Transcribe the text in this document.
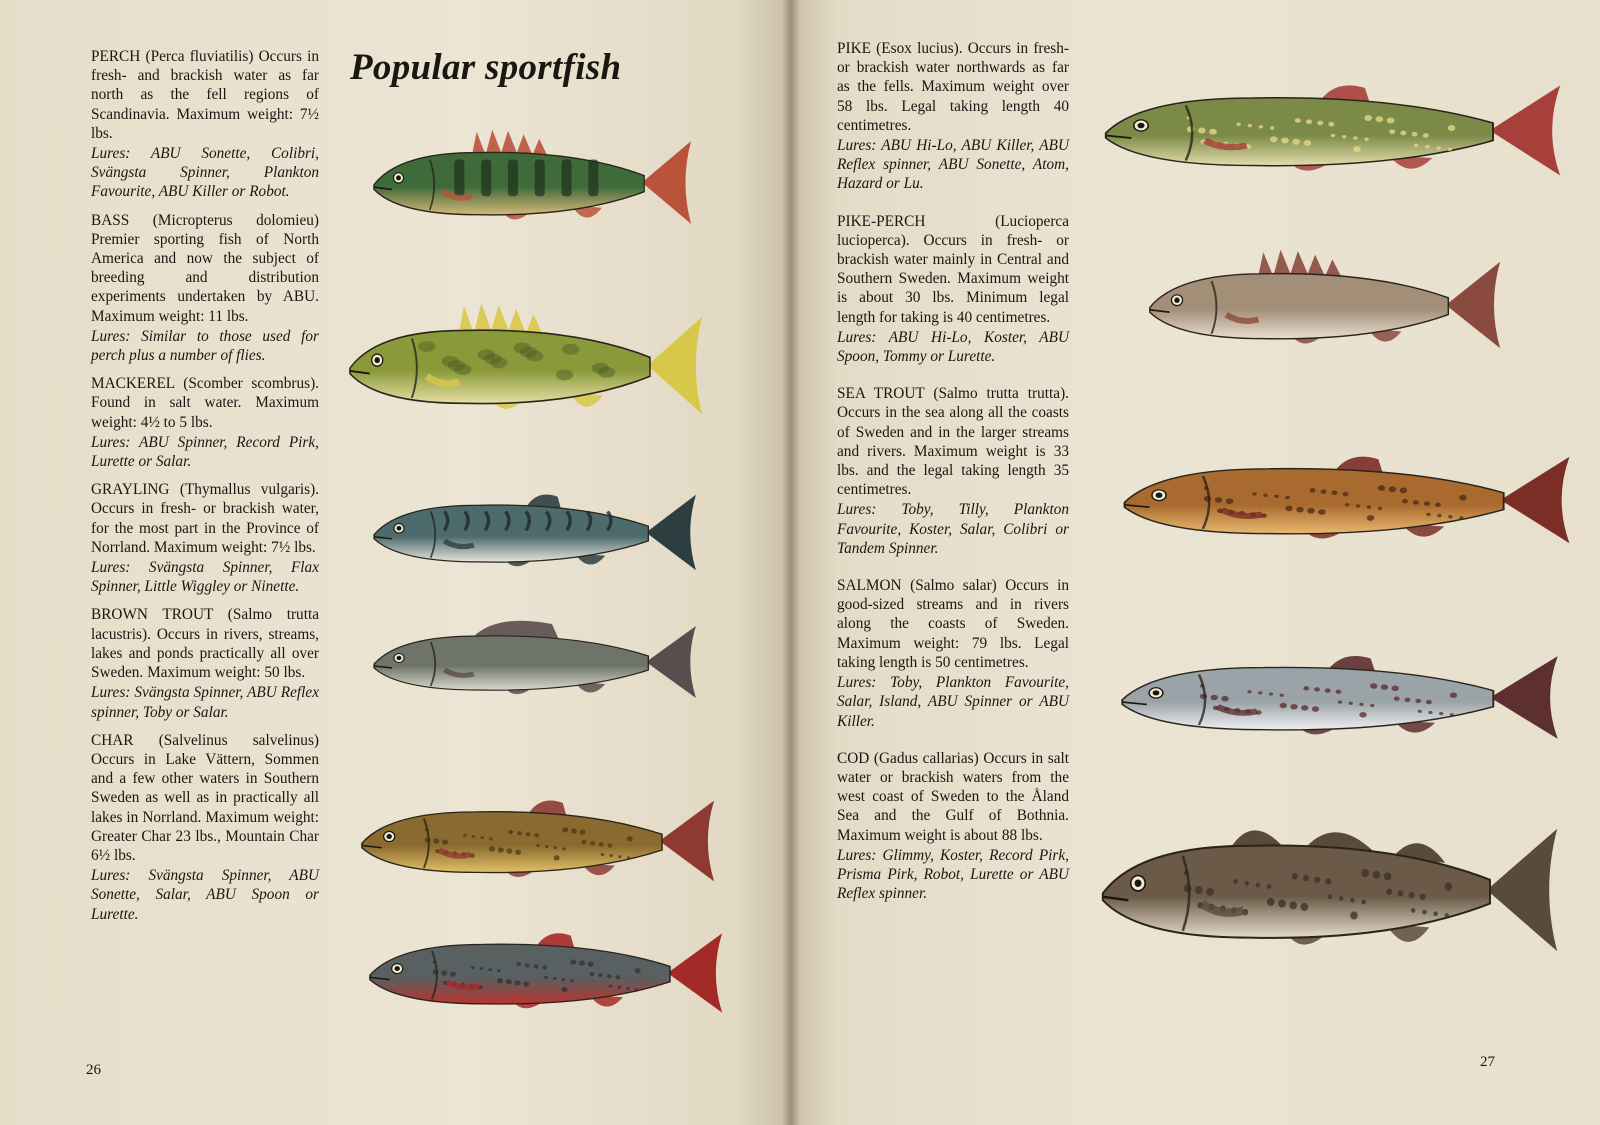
PERCH (Perca fluviatilis) Occurs in fresh- and brackish water as far north as the fell regions of Scandinavia. Maximum weight: 7½ lbs.

Lures: ABU Sonette, Colibri, Svängsta Spinner, Plankton Favourite, ABU Killer or Robot.

BASS (Micropterus dolomieu) Premier sporting fish of North America and now the subject of breeding and distribution experiments undertaken by ABU. Maximum weight: 11 lbs.

Lures: Similar to those used for perch plus a number of flies.

MACKEREL (Scomber scombrus). Found in salt water. Maximum weight: 4½ to 5 lbs.

Lures: ABU Spinner, Record Pirk, Lurette or Salar.

GRAYLING (Thymallus vulgaris). Occurs in fresh- or brackish water, for the most part in the Province of Norrland. Maximum weight: 7½ lbs.

Lures: Svängsta Spinner, Flax Spinner, Little Wiggley or Ninette.

BROWN TROUT (Salmo trutta lacustris). Occurs in rivers, streams, lakes and ponds practically all over Sweden. Maximum weight: 50 lbs.

Lures: Svängsta Spinner, ABU Reflex spinner, Toby or Salar.

CHAR (Salvelinus salvelinus) Occurs in Lake Vättern, Sommen and a few other waters in Southern Sweden as well as in practically all lakes in Norrland. Maximum weight: Greater Char 23 lbs., Mountain Char 6½ lbs.

Lures: Svängsta Spinner, ABU Sonette, Salar, ABU Spoon or Lurette.

Popular sportfish
26

PIKE (Esox lucius). Occurs in fresh- or brackish water northwards as far as the fells. Maximum weight over 58 lbs. Legal taking length 40 centimetres.

Lures: ABU Hi-Lo, ABU Killer, ABU Reflex spinner, ABU Sonette, Atom, Hazard or Lu.

PIKE-PERCH (Lucioperca lucioperca). Occurs in fresh- or brackish water mainly in Central and Southern Sweden. Maximum weight is about 30 lbs. Minimum legal length for taking is 40 centimetres.

Lures: ABU Hi-Lo, Koster, ABU Spoon, Tommy or Lurette.

SEA TROUT (Salmo trutta trutta). Occurs in the sea along all the coasts of Sweden and in the larger streams and rivers. Maximum weight is 33 lbs. and the legal taking length 35 centimetres.

Lures: Toby, Tilly, Plankton Favourite, Koster, Salar, Colibri or Tandem Spinner.

SALMON (Salmo salar) Occurs in good-sized streams and in rivers along the coasts of Sweden. Maximum weight: 79 lbs. Legal taking length is 50 centimetres.

Lures: Toby, Plankton Favourite, Salar, Island, ABU Spinner or ABU Killer.

COD (Gadus callarias) Occurs in salt water or brackish waters from the west coast of Sweden to the Åland Sea and the Gulf of Bothnia. Maximum weight is about 88 lbs.

Lures: Glimmy, Koster, Record Pirk, Prisma Pirk, Robot, Lurette or ABU Reflex spinner.

27
